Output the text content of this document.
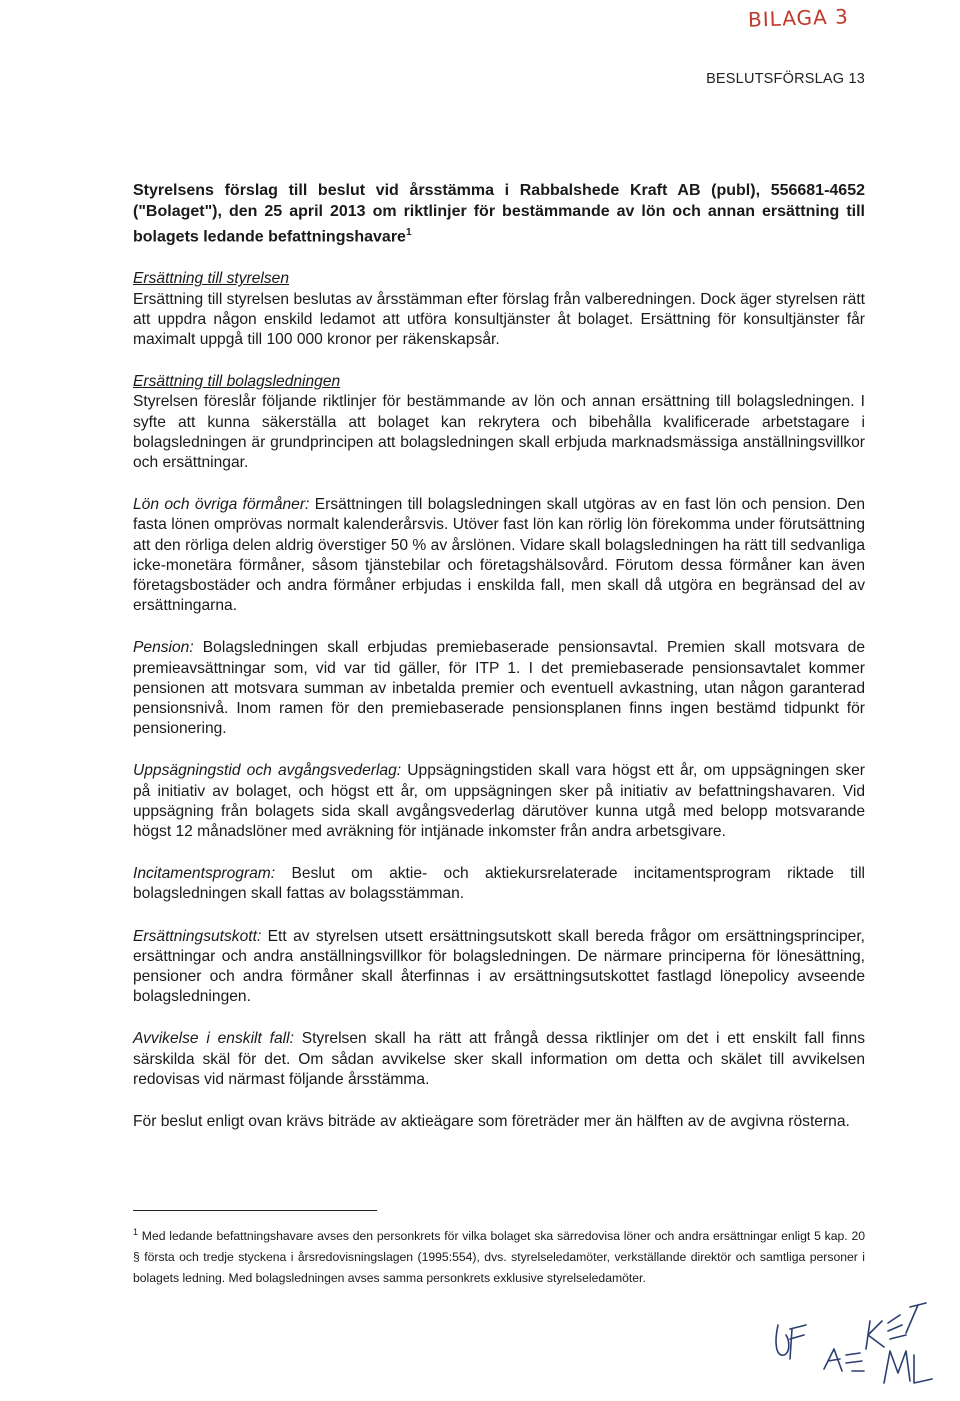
BILAGA 3
BESLUTSFÖRSLAG 13

Styrelsens förslag till beslut vid årsstämma i Rabbalshede Kraft AB (publ), 556681-4652 ("Bolaget"), den 25 april 2013 om riktlinjer för bestämmande av lön och annan ersättning till bolagets ledande befattningshavare$^1$

Ersättning till styrelsen

Ersättning till styrelsen beslutas av årsstämman efter förslag från valberedningen. Dock äger styrelsen rätt att uppdra någon enskild ledamot att utföra konsultjänster åt bolaget. Ersättning för konsultjänster får maximalt uppgå till 100 000 kronor per räkenskapsår.

Ersättning till bolagsledningen

Styrelsen föreslår följande riktlinjer för bestämmande av lön och annan ersättning till bolagsledningen. I syfte att kunna säkerställa att bolaget kan rekrytera och bibehålla kvalificerade arbetstagare i bolagsledningen är grundprincipen att bolagsledningen skall erbjuda marknadsmässiga anställningsvillkor och ersättningar.

Lön och övriga förmåner: Ersättningen till bolagsledningen skall utgöras av en fast lön och pension. Den fasta lönen omprövas normalt kalenderårsvis. Utöver fast lön kan rörlig lön förekomma under förutsättning att den rörliga delen aldrig överstiger 50 % av årslönen. Vidare skall bolagsledningen ha rätt till sedvanliga icke-monetära förmåner, såsom tjänstebilar och företagshälsovård. Förutom dessa förmåner kan även företagsbostäder och andra förmåner erbjudas i enskilda fall, men skall då utgöra en begränsad del av ersättningarna.

Pension: Bolagsledningen skall erbjudas premiebaserade pensionsavtal. Premien skall motsvara de premieavsättningar som, vid var tid gäller, för ITP 1. I det premiebaserade pensionsavtalet kommer pensionen att motsvara summan av inbetalda premier och eventuell avkastning, utan någon garanterad pensionsnivå. Inom ramen för den premiebaserade pensionsplanen finns ingen bestämd tidpunkt för pensionering.

Uppsägningstid och avgångsvederlag: Uppsägningstiden skall vara högst ett år, om uppsägningen sker på initiativ av bolaget, och högst ett år, om uppsägningen sker på initiativ av befattningshavaren. Vid uppsägning från bolagets sida skall avgångsvederlag därutöver kunna utgå med belopp motsvarande högst 12 månadslöner med avräkning för intjänade inkomster från andra arbetsgivare.

Incitamentsprogram: Beslut om aktie- och aktiekursrelaterade incitamentsprogram riktade till bolagsledningen skall fattas av bolagsstämman.

Ersättningsutskott: Ett av styrelsen utsett ersättningsutskott skall bereda frågor om ersättningsprinciper, ersättningar och andra anställningsvillkor för bolagsledningen. De närmare principerna för lönesättning, pensioner och andra förmåner skall återfinnas i av ersättningsutskottet fastlagd lönepolicy avseende bolagsledningen.

Avvikelse i enskilt fall: Styrelsen skall ha rätt att frångå dessa riktlinjer om det i ett enskilt fall finns särskilda skäl för det. Om sådan avvikelse sker skall information om detta och skälet till avvikelsen redovisas vid närmast följande årsstämma.

För beslut enligt ovan krävs biträde av aktieägare som företräder mer än hälften av de avgivna rösterna.

$^1$ Med ledande befattningshavare avses den personkrets för vilka bolaget ska särredovisa löner och andra ersättningar enligt 5 kap. 20 § första och tredje styckena i årsredovisningslagen (1995:554), dvs. styrelseledamöter, verkställande direktör och samtliga personer i bolagets ledning. Med bolagsledningen avses samma personkrets exklusive styrelseledamöter.
